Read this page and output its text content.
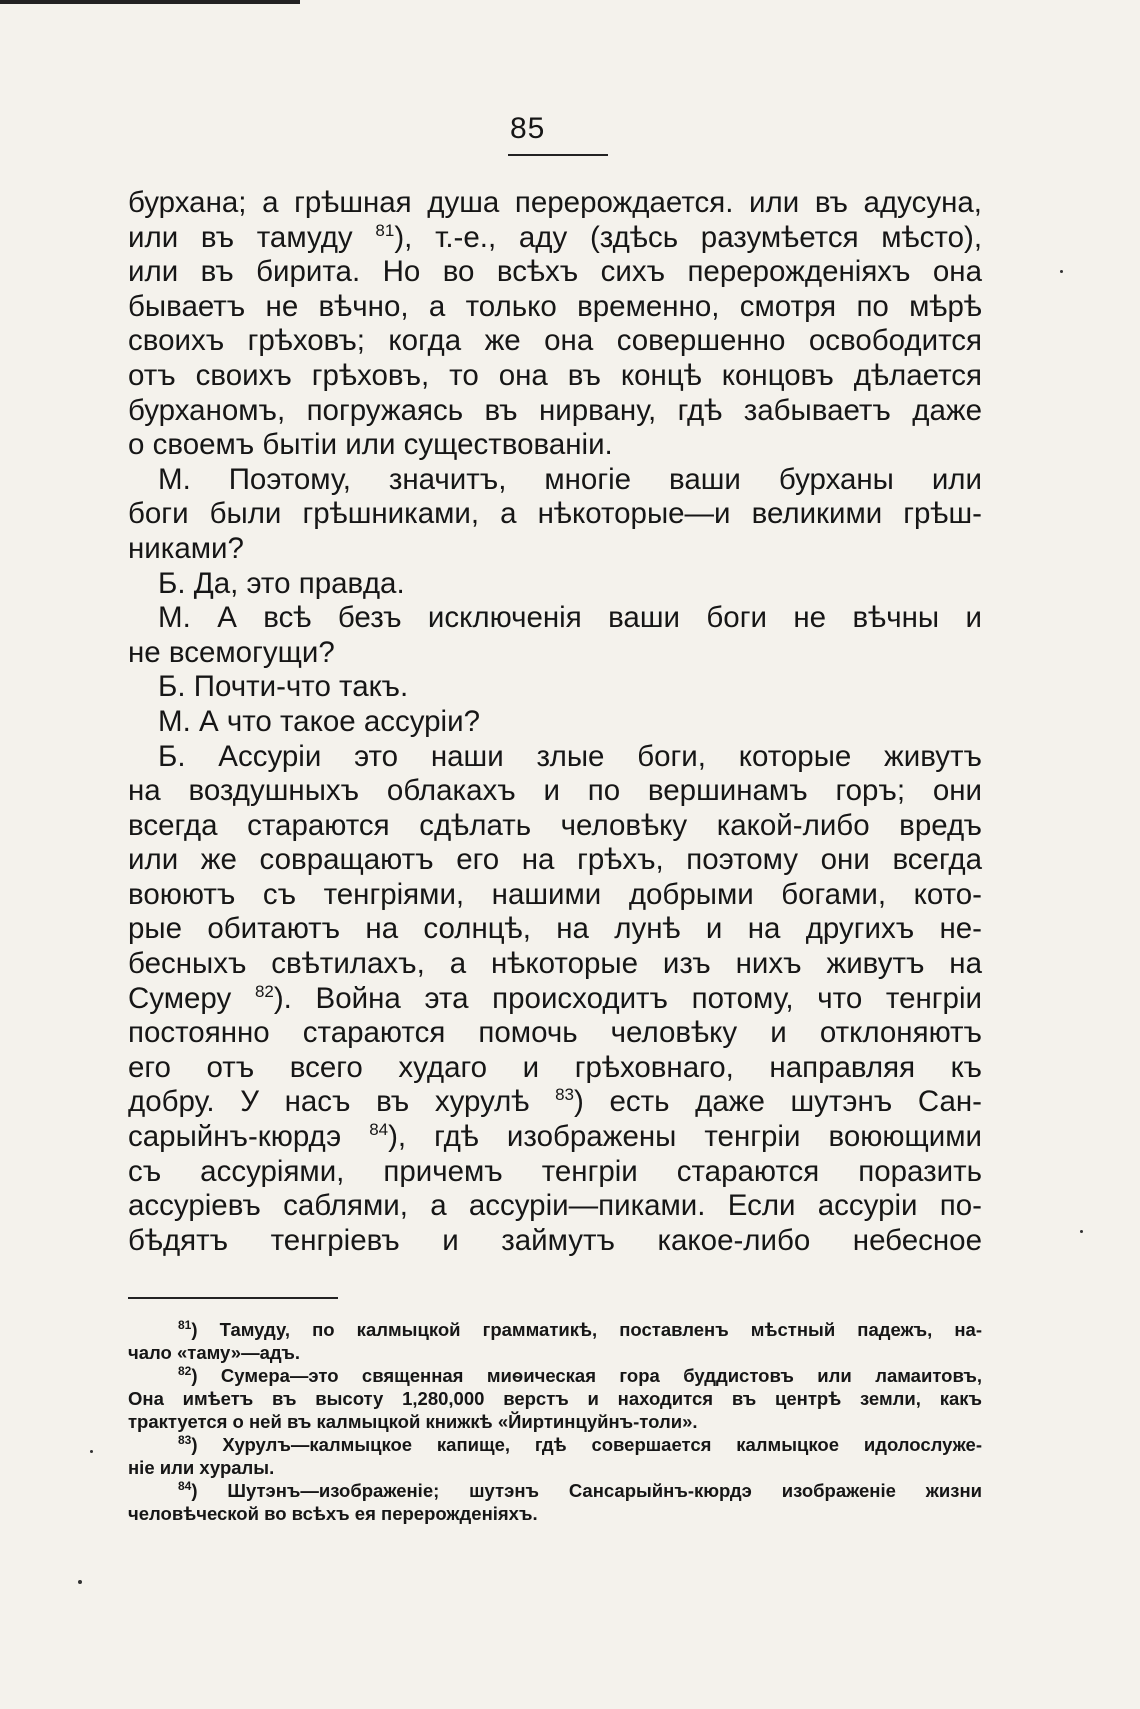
85
бурхана; а грѣшная душа перерождается. или въ адусуна,
или въ тамуду $^{81}$), т.-е., аду (здѣсь разумѣется мѣсто),
или въ бирита. Но во всѣхъ сихъ перерожденіяхъ она
бываетъ не вѣчно, а только временно, смотря по мѣрѣ
своихъ грѣховъ; когда же она совершенно освободится
отъ своихъ грѣховъ, то она въ концѣ концовъ дѣлается
бурханомъ, погружаясь въ нирвану, гдѣ забываетъ даже
о своемъ бытіи или существованіи.
М. Поэтому, значитъ, многіе ваши бурханы или
боги были грѣшниками, а нѣкоторые—и великими грѣш-
никами?
Б. Да, это правда.
М. А всѣ безъ исключенія ваши боги не вѣчны и
не всемогущи?
Б. Почти-что такъ.
М. А что такое ассуріи?
Б. Ассуріи это наши злые боги, которые живутъ
на воздушныхъ облакахъ и по вершинамъ горъ; они
всегда стараются сдѣлать человѣку какой-либо вредъ
или же совращаютъ его на грѣхъ, поэтому они всегда
воюютъ съ тенгріями, нашими добрыми богами, кото-
рые обитаютъ на солнцѣ, на лунѣ и на другихъ не-
бесныхъ свѣтилахъ, а нѣкоторые изъ нихъ живутъ на
Сумеру $^{82}$). Война эта происходитъ потому, что тенгріи
постоянно стараются помочь человѣку и отклоняютъ
его отъ всего худаго и грѣховнаго, направляя къ
добру. У насъ въ хурулѣ $^{83}$) есть даже шутэнъ Сан-
сарыйнъ-кюрдэ $^{84}$), гдѣ изображены тенгріи воюющими
съ ассуріями, причемъ тенгріи стараются поразить
ассуріевъ саблями, а ассуріи—пиками. Если ассуріи по-
бѣдятъ тенгріевъ и займутъ какое-либо небесное
$^{81}$) Тамуду, по калмыцкой грамматикѣ, поставленъ мѣстный падежъ, на-
чало «таму»—адъ.
$^{82}$) Сумера—это священная миѳическая гора буддистовъ или ламаитовъ,
Она имѣетъ въ высоту 1,280,000 верстъ и находится въ центрѣ земли, какъ
трактуется о ней въ калмыцкой книжкѣ «Йиртинцуйнъ-толи».
$^{83}$) Хурулъ—калмыцкое капище, гдѣ совершается калмыцкое идолослуже-
ніе или хуралы.
$^{84}$) Шутэнъ—изображеніе; шутэнъ Сансарыйнъ-кюрдэ изображеніе жизни
человѣческой во всѣхъ ея перерожденіяхъ.
